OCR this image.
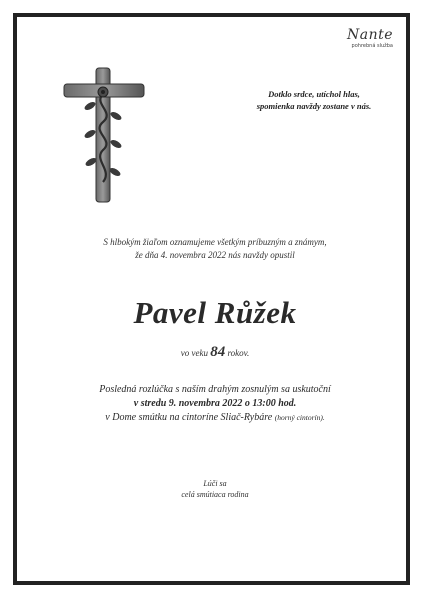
Nante
pohrebná služba
Dotklo srdce, utíchol hlas,
spomienka navždy zostane v nás.
S hlbokým žiaľom oznamujeme všetkým príbuzným a známym,
že dňa 4. novembra 2022 nás navždy opustil
Pavel Růžek
vo veku 84 rokov.
Posledná rozlúčka s naším drahým zosnulým sa uskutoční
v stredu 9. novembra 2022 o 13:00 hod.
v Dome smútku na cintoríne Sliač-Rybáre (horný cintorín).
Lúči sa
celá smútiaca rodina
